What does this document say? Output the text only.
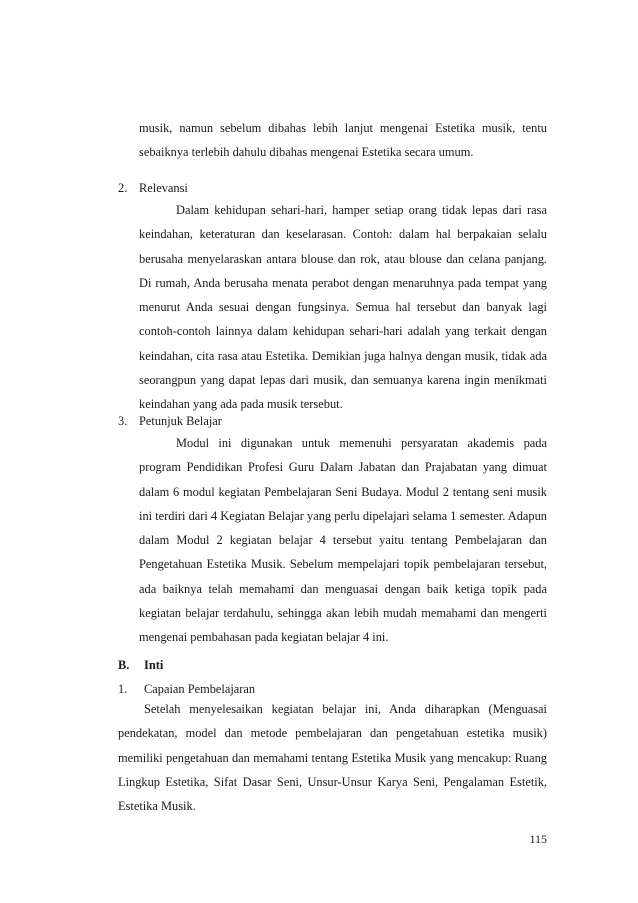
musik, namun sebelum dibahas lebih lanjut mengenai Estetika musik, tentu sebaiknya terlebih dahulu dibahas mengenai Estetika secara umum.

2. Relevansi

Dalam kehidupan sehari-hari, hamper setiap orang tidak lepas dari rasa keindahan, keteraturan dan keselarasan. Contoh: dalam hal berpakaian selalu berusaha menyelaraskan antara blouse dan rok, atau blouse dan celana panjang. Di rumah, Anda berusaha menata perabot dengan menaruhnya pada tempat yang menurut Anda sesuai dengan fungsinya. Semua hal tersebut dan banyak lagi contoh-contoh lainnya dalam kehidupan sehari-hari adalah yang terkait dengan keindahan, cita rasa atau Estetika. Demikian juga halnya dengan musik, tidak ada seorangpun yang dapat lepas dari musik, dan semuanya karena ingin menikmati keindahan yang ada pada musik tersebut.

3. Petunjuk Belajar

Modul ini digunakan untuk memenuhi persyaratan akademis pada program Pendidikan Profesi Guru Dalam Jabatan dan Prajabatan yang dimuat dalam 6 modul kegiatan Pembelajaran Seni Budaya. Modul 2 tentang seni musik ini terdiri dari 4 Kegiatan Belajar yang perlu dipelajari selama 1 semester. Adapun dalam Modul 2 kegiatan belajar 4 tersebut yaitu tentang Pembelajaran dan Pengetahuan Estetika Musik. Sebelum mempelajari topik pembelajaran tersebut, ada baiknya telah memahami dan menguasai dengan baik ketiga topik pada kegiatan belajar terdahulu, sehingga akan lebih mudah memahami dan mengerti mengenai pembahasan pada kegiatan belajar 4 ini.

B. Inti
1. Capaian Pembelajaran

Setelah menyelesaikan kegiatan belajar ini, Anda diharapkan (Menguasai pendekatan, model dan metode pembelajaran dan pengetahuan estetika musik) memiliki pengetahuan dan memahami tentang Estetika Musik yang mencakup: Ruang Lingkup Estetika, Sifat Dasar Seni, Unsur-Unsur Karya Seni, Pengalaman Estetik, Estetika Musik.

115
